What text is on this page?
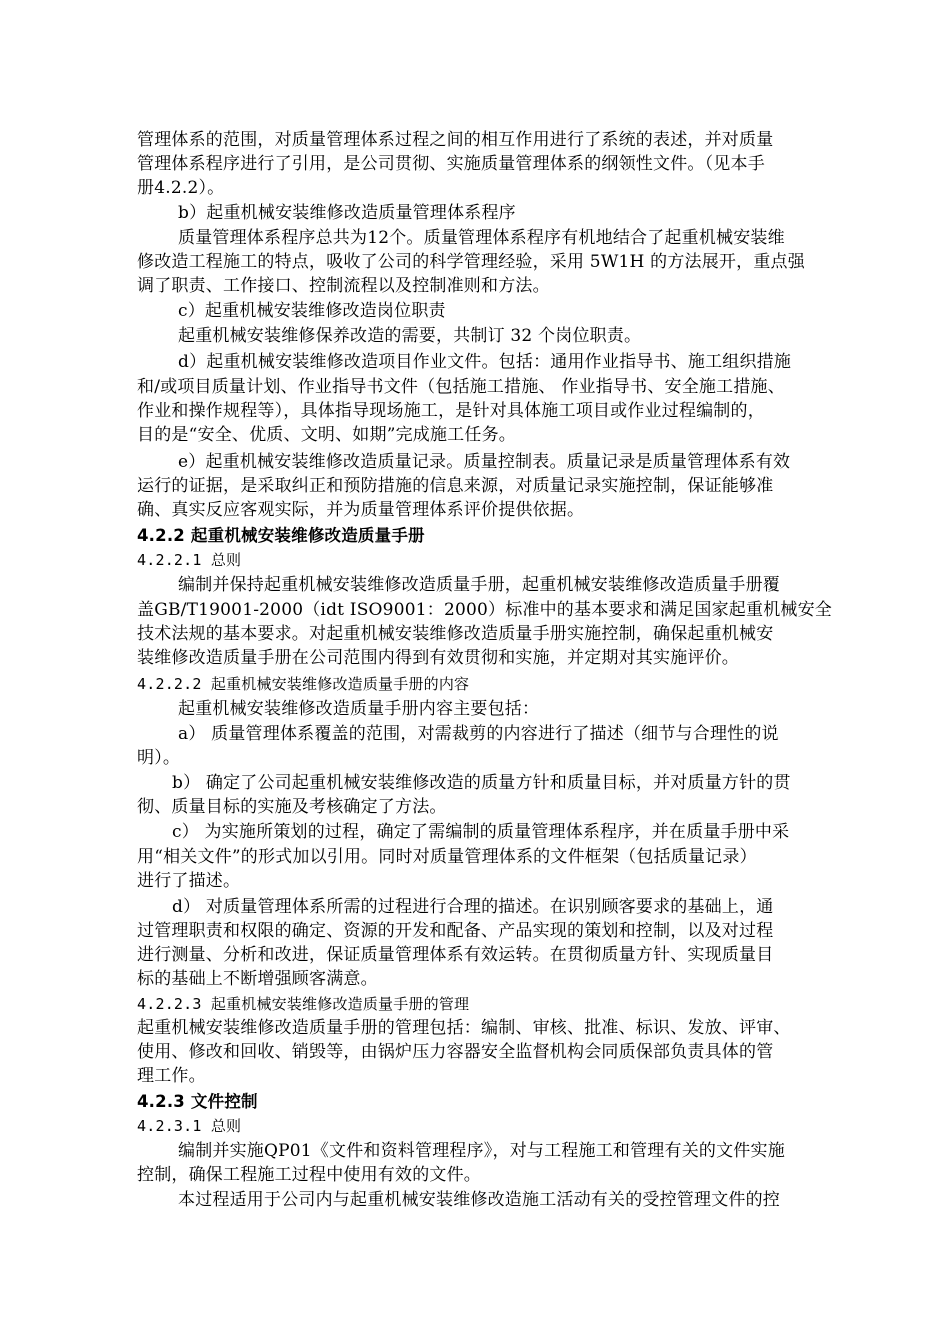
管理体系的范围，对质量管理体系过程之间的相互作用进行了系统的表述，并对质量
管理体系程序进行了引用，是公司贯彻、实施质量管理体系的纲领性文件。（见本手
册4.2.2）。
b）起重机械安装维修改造质量管理体系程序
质量管理体系程序总共为12个。质量管理体系程序有机地结合了起重机械安装维
修改造工程施工的特点，吸收了公司的科学管理经验，采用 5W1H 的方法展开，重点强
调了职责、工作接口、控制流程以及控制准则和方法。
c）起重机械安装维修改造岗位职责
起重机械安装维修保养改造的需要，共制订 32 个岗位职责。
d）起重机械安装维修改造项目作业文件。包括：通用作业指导书、施工组织措施
和/或项目质量计划、作业指导书文件（包括施工措施、 作业指导书、安全施工措施、
作业和操作规程等），具体指导现场施工，是针对具体施工项目或作业过程编制的，
目的是“安全、优质、文明、如期”完成施工任务。
e）起重机械安装维修改造质量记录。质量控制表。质量记录是质量管理体系有效
运行的证据，是采取纠正和预防措施的信息来源，对质量记录实施控制，保证能够准
确、真实反应客观实际，并为质量管理体系评价提供依据。
4.2.2 起重机械安装维修改造质量手册
4.2.2.1 总则
编制并保持起重机械安装维修改造质量手册，起重机械安装维修改造质量手册覆
盖GB/T19001-2000（idt ISO9001：2000）标准中的基本要求和满足国家起重机械安全
技术法规的基本要求。对起重机械安装维修改造质量手册实施控制，确保起重机械安
装维修改造质量手册在公司范围内得到有效贯彻和实施，并定期对其实施评价。
4.2.2.2 起重机械安装维修改造质量手册的内容
起重机械安装维修改造质量手册内容主要包括：
a） 质量管理体系覆盖的范围，对需裁剪的内容进行了描述（细节与合理性的说
明）。
b） 确定了公司起重机械安装维修改造的质量方针和质量目标，并对质量方针的贯
彻、质量目标的实施及考核确定了方法。
c） 为实施所策划的过程，确定了需编制的质量管理体系程序，并在质量手册中采
用“相关文件”的形式加以引用。同时对质量管理体系的文件框架（包括质量记录）
进行了描述。
d） 对质量管理体系所需的过程进行合理的描述。在识别顾客要求的基础上，通
过管理职责和权限的确定、资源的开发和配备、产品实现的策划和控制，以及对过程
进行测量、分析和改进，保证质量管理体系有效运转。在贯彻质量方针、实现质量目
标的基础上不断增强顾客满意。
4.2.2.3 起重机械安装维修改造质量手册的管理
起重机械安装维修改造质量手册的管理包括：编制、审核、批准、标识、发放、评审、
使用、修改和回收、销毁等，由锅炉压力容器安全监督机构会同质保部负责具体的管
理工作。
4.2.3 文件控制
4.2.3.1 总则
编制并实施QP01《文件和资料管理程序》，对与工程施工和管理有关的文件实施
控制，确保工程施工过程中使用有效的文件。
本过程适用于公司内与起重机械安装维修改造施工活动有关的受控管理文件的控
